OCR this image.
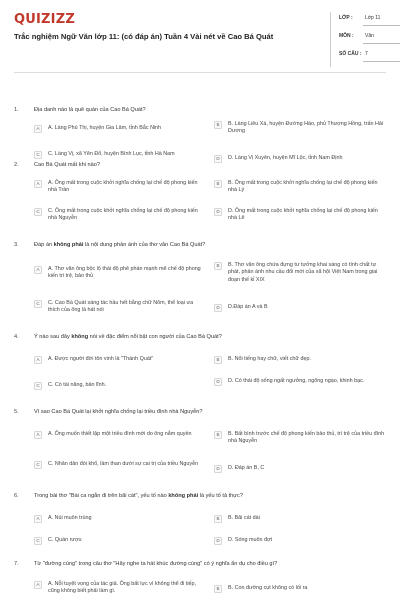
QUIZIZZ
Trắc nghiệm Ngữ Văn lớp 11: (có đáp án) Tuần 4 Vài nét về Cao Bá Quát
LỚP : Lớp 11
MÔN : Văn
SỐ CÂU : 7
1.	Địa danh nào là quê quán của Cao Bá Quát?
A	A. Làng Phú Thị, huyện Gia Lâm, tỉnh Bắc Ninh
B	B. Làng Liêu Xá, huyện Đường Hào, phủ Thượng Hồng, trấn Hải Dương
C	C. Làng Vị, xã Yên Đổ, huyện Bình Lục, tỉnh Hà Nam
D	D. Làng Vị Xuyên, huyện Mĩ Lộc, tỉnh Nam Định
2.	Cao Bá Quát mất khi nào?
A	A. Ông mất trong cuộc khởi nghĩa chống lại chế độ phong kiến nhà Trần
B	B. Ông mất trong cuộc khởi nghĩa chống lại chế độ phong kiến nhà Lý
C	C. Ông mất trong cuộc khởi nghĩa chống lại chế độ phong kiến nhà Nguyễn
D	D. Ông mất trong cuộc khởi nghĩa chống lại chế độ phong kiến nhà Lê
3.	Đáp án không phải là nội dung phản ánh của thơ văn Cao Bá Quát?
A	A. Thơ văn ông bộc lộ thái độ phê phán mạnh mẽ chế độ phong kiến trì trệ, bảo thủ
B	B. Thơ văn ông chứa đựng tư tưởng khai sáng có tính chất tự phát, phản ánh nhu cầu đổi mới của xã hội Việt Nam trong giai đoạn thế kỉ XIX
C	C. Cao Bá Quát sáng tác hầu hết bằng chữ Nôm, thể loại ưa thích của ông là hát nói	D	D.Đáp án A và B
4.	Ý nào sau đây không nói về đặc điểm nổi bật con người của Cao Bá Quát?
A	A. Được người đời tôn vinh là "Thánh Quát"	B	B. Nổi tiếng hay chữ, viết chữ đẹp.
C	C. Có tài năng, bản lĩnh.
D	D. Có thái độ sống ngất ngưởng, ngông ngạo, khinh bạc.
5.	Vì sao Cao Bá Quát lại khởi nghĩa chống lại triều đình nhà Nguyễn?
A	A. Ông muốn thiết lập một triều đình mới do ông nắm quyền	B	B. Bất bình trước chế độ phong kiến bảo thủ, trì trệ của triều đình nhà Nguyễn
C	C. Nhân dân đói khổ, lầm than dưới sự cai trị của triều Nguyễn
D	D. Đáp án B, C
6.	Trong bài thơ "Bài ca ngắn đi trên bãi cát", yếu tố nào không phải là yếu tố tả thực?
A	A. Núi muôn trùng	B	B. Bãi cát dài
C	C. Quán rượu	D	D. Sóng muôn đợt
7.	Từ "đường cùng" trong câu thơ "Hãy nghe ta hát khúc đường cùng" có ý nghĩa ẩn dụ cho điều gì?
A	A. Nỗi tuyệt vọng của tác giả. Ông bất lực vì không thể đi tiếp, cũng không biết phải làm gì.	B	B. Con đường cụt không có lối ra
